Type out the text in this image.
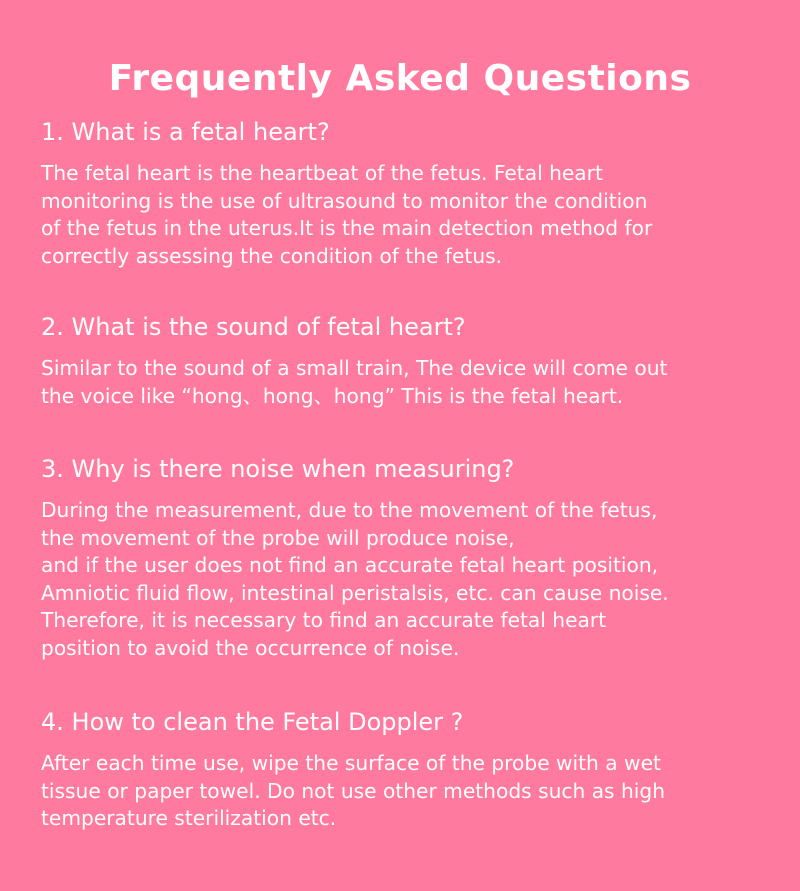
Frequently Asked Questions
1. What is a fetal heart?
The fetal heart is the heartbeat of the fetus. Fetal heart
monitoring is the use of ultrasound to monitor the condition
of the fetus in the uterus.It is the main detection method for
correctly assessing the condition of the fetus.
2. What is the sound of fetal heart?
Similar to the sound of a small train, The device will come out
the voice like “hong、hong、hong” This is the fetal heart.
3. Why is there noise when measuring?
During the measurement, due to the movement of the fetus,
the movement of the probe will produce noise,
and if the user does not find an accurate fetal heart position,
Amniotic fluid flow, intestinal peristalsis, etc. can cause noise.
Therefore, it is necessary to find an accurate fetal heart
position to avoid the occurrence of noise.
4. How to clean the Fetal Doppler ?
After each time use, wipe the surface of the probe with a wet
tissue or paper towel. Do not use other methods such as high
temperature sterilization etc.
